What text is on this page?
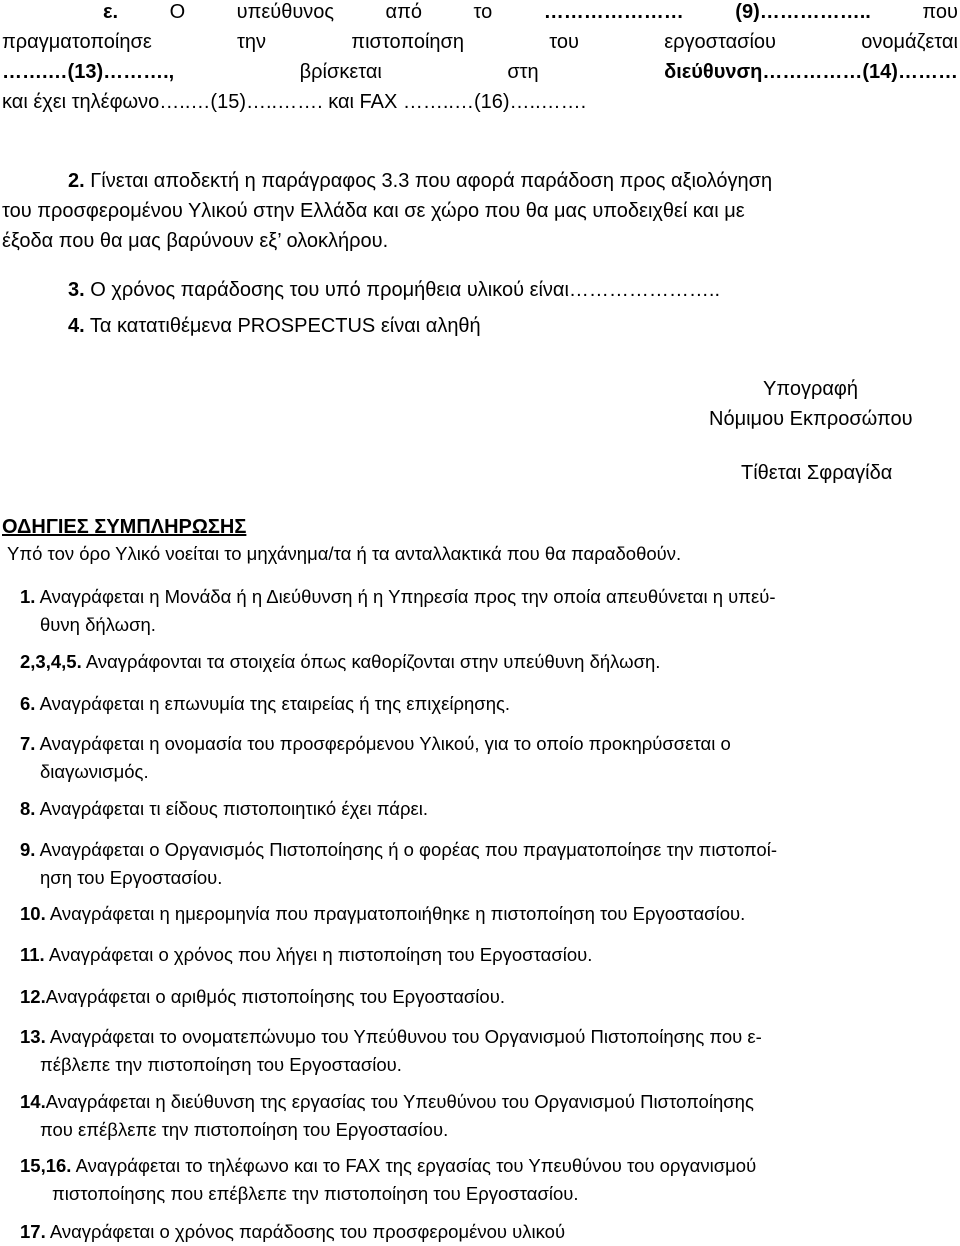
ε.	Ο	υπεύθυνος	από	το	…………………	(9)……………..	που
πραγματοποίησε	την	πιστοποίηση	του	εργοστασίου	ονομάζεται
…….…(13)……….,	βρίσκεται	στη	διεύθυνση……………(14)………
και έχει τηλέφωνο…..…(15)…..……. και FAX ……..…(16)…..…….
2. Γίνεται αποδεκτή η παράγραφος 3.3 που αφορά παράδοση προς αξιολόγηση
του προσφερομένου Υλικού στην Ελλάδα και σε χώρο που θα μας υποδειχθεί και με
έξοδα που θα μας βαρύνουν εξ’ ολοκλήρου.
3. Ο χρόνος παράδοσης του υπό προμήθεια υλικού είναι…………………..
4. Τα κατατιθέμενα PROSPECTUS είναι αληθή
Υπογραφή
Νόμιμου Εκπροσώπου
Τίθεται Σφραγίδα
ΟΔΗΓΙΕΣ ΣΥΜΠΛΗΡΩΣΗΣ
Υπό τον όρο Υλικό νοείται το μηχάνημα/τα ή τα ανταλλακτικά που θα παραδοθούν.
1. Αναγράφεται η Μονάδα ή η Διεύθυνση ή η Υπηρεσία προς την οποία απευθύνεται η υπεύ-
θυνη δήλωση.
2,3,4,5. Αναγράφονται τα στοιχεία όπως καθορίζονται στην υπεύθυνη δήλωση.
6. Αναγράφεται η επωνυμία της εταιρείας ή της επιχείρησης.
7. Αναγράφεται η ονομασία του προσφερόμενου Υλικού, για το οποίο προκηρύσσεται ο
διαγωνισμός.
8. Αναγράφεται τι είδους πιστοποιητικό έχει πάρει.
9. Αναγράφεται ο Οργανισμός Πιστοποίησης ή ο φορέας που πραγματοποίησε την πιστοποί-
ηση του Εργοστασίου.
10. Αναγράφεται η ημερομηνία που πραγματοποιήθηκε η πιστοποίηση του Εργοστασίου.
11. Αναγράφεται ο χρόνος που λήγει η πιστοποίηση του Εργοστασίου.
12.Αναγράφεται ο αριθμός πιστοποίησης του Εργοστασίου.
13. Αναγράφεται το ονοματεπώνυμο του Υπεύθυνου του Οργανισμού Πιστοποίησης που ε-
πέβλεπε την πιστοποίηση του Εργοστασίου.
14.Αναγράφεται η διεύθυνση της εργασίας του Υπευθύνου του Οργανισμού Πιστοποίησης
που επέβλεπε την πιστοποίηση του Εργοστασίου.
15,16. Αναγράφεται το τηλέφωνο και το FAX της εργασίας του Υπευθύνου του οργανισμού
πιστοποίησης που επέβλεπε την πιστοποίηση του Εργοστασίου.
17. Αναγράφεται ο χρόνος παράδοσης του προσφερομένου υλικού
